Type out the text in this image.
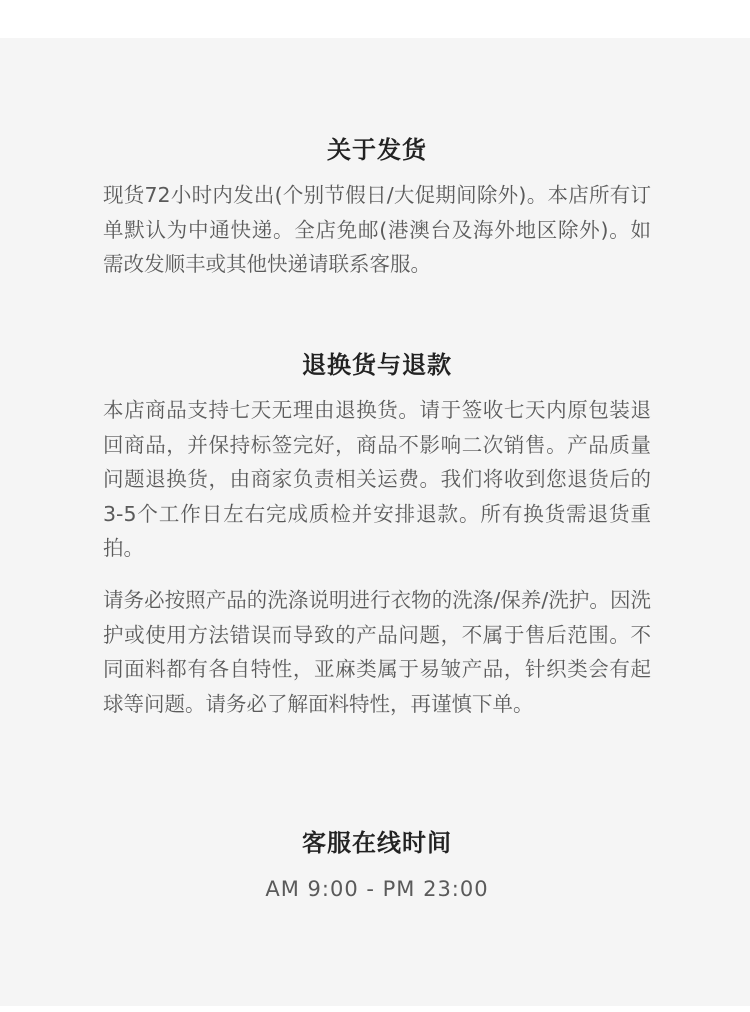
关于发货

现货72小时内发出(个别节假日/大促期间除外)。本店所有订单默认为中通快递。全店免邮(港澳台及海外地区除外)。如需改发顺丰或其他快递请联系客服。

退换货与退款

本店商品支持七天无理由退换货。请于签收七天内原包装退回商品，并保持标签完好，商品不影响二次销售。产品质量问题退换货，由商家负责相关运费。我们将收到您退货后的3-5个工作日左右完成质检并安排退款。所有换货需退货重拍。

请务必按照产品的洗涤说明进行衣物的洗涤/保养/洗护。因洗护或使用方法错误而导致的产品问题，不属于售后范围。不同面料都有各自特性，亚麻类属于易皱产品，针织类会有起球等问题。请务必了解面料特性，再谨慎下单。

客服在线时间

AM 9:00 - PM 23:00
